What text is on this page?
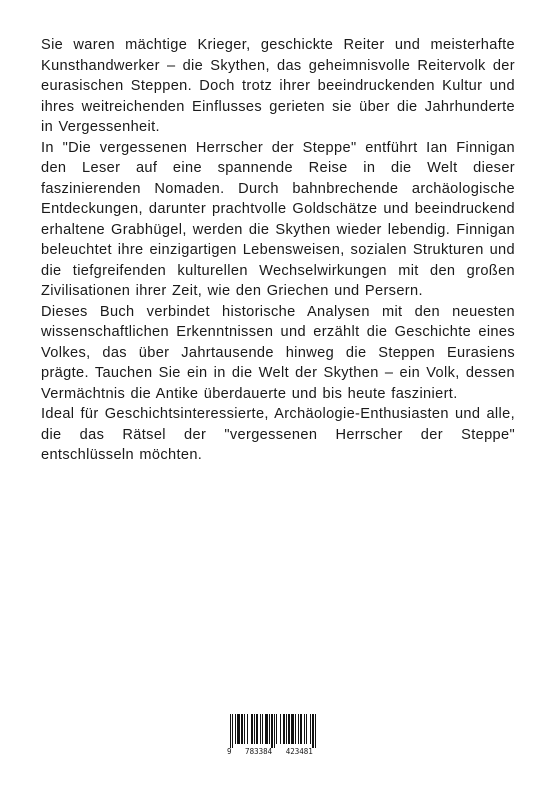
Sie waren mächtige Krieger, geschickte Reiter und meisterhafte Kunsthandwerker – die Skythen, das geheimnisvolle Reitervolk der eurasischen Steppen. Doch trotz ihrer beeindruckenden Kultur und ihres weitreichenden Einflusses gerieten sie über die Jahrhunderte in Vergessenheit.

In "Die vergessenen Herrscher der Steppe" entführt Ian Finnigan den Leser auf eine spannende Reise in die Welt dieser faszinierenden Nomaden. Durch bahnbrechende archäologische Entdeckungen, darunter prachtvolle Goldschätze und beeindruckend erhaltene Grabhügel, werden die Skythen wieder lebendig. Finnigan beleuchtet ihre einzigartigen Lebensweisen, sozialen Strukturen und die tiefgreifenden kulturellen Wechselwirkungen mit den großen Zivilisationen ihrer Zeit, wie den Griechen und Persern.

Dieses Buch verbindet historische Analysen mit den neuesten wissenschaftlichen Erkenntnissen und erzählt die Geschichte eines Volkes, das über Jahrtausende hinweg die Steppen Eurasiens prägte. Tauchen Sie ein in die Welt der Skythen – ein Volk, dessen Vermächtnis die Antike überdauerte und bis heute fasziniert.

Ideal für Geschichtsinteressierte, Archäologie-Enthusiasten und alle, die das Rätsel der "vergessenen Herrscher der Steppe" entschlüsseln möchten.

9   783384   423481
